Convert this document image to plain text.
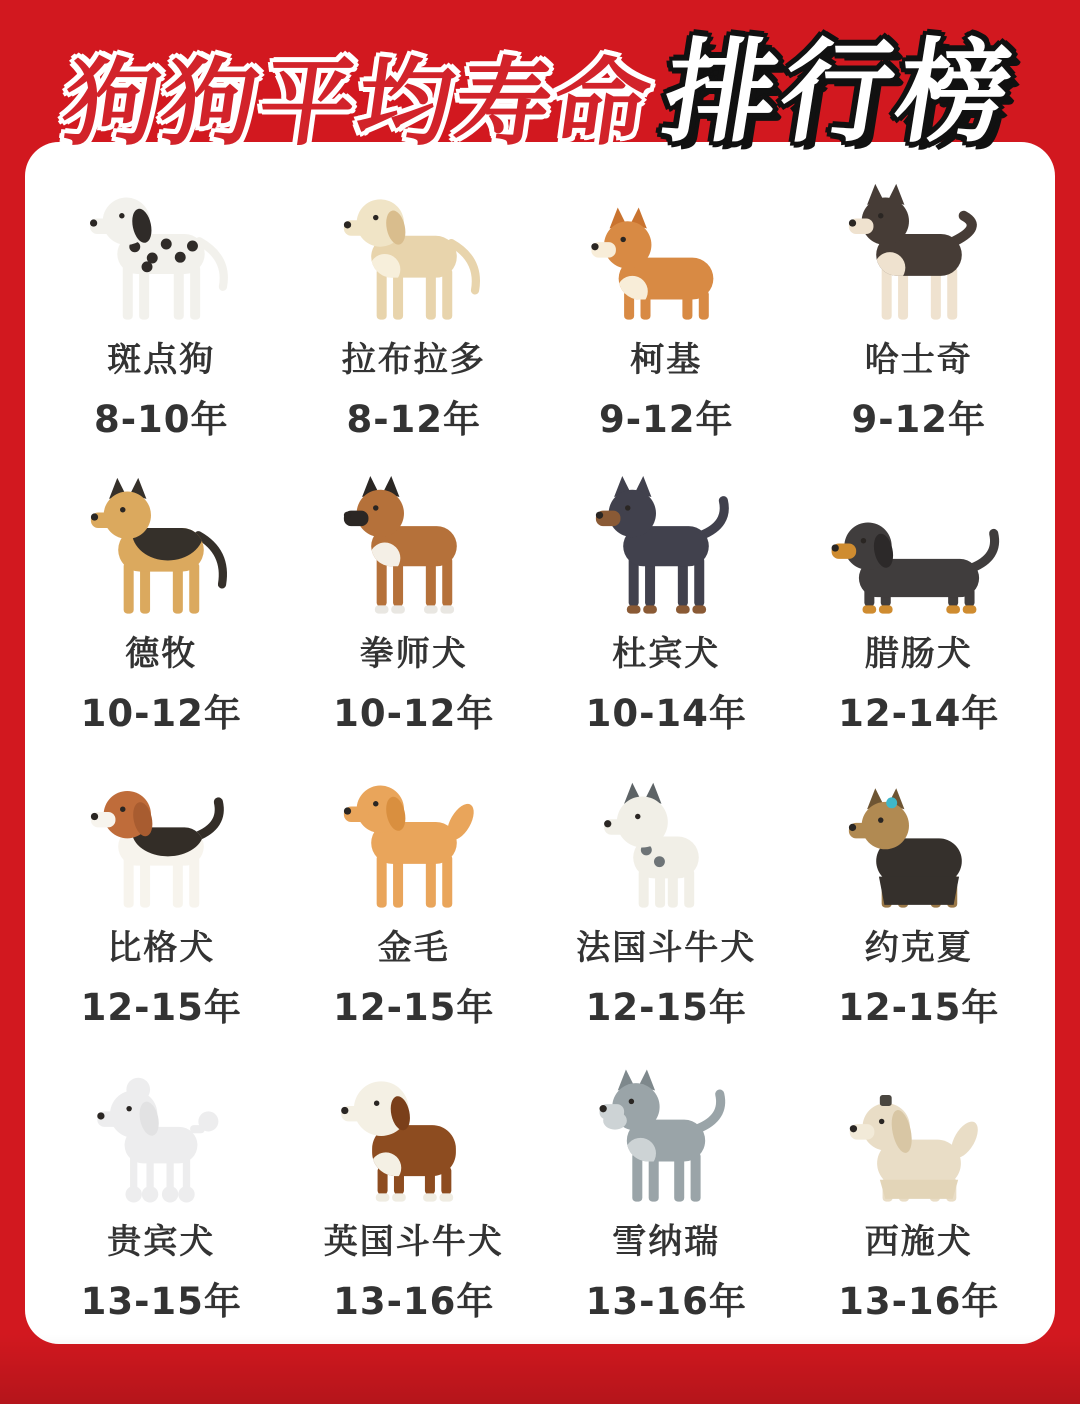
斑点狗
8-10年
拉布拉多
8-12年
柯基
9-12年
哈士奇
9-12年
德牧
10-12年
拳师犬
10-12年
杜宾犬
10-14年
腊肠犬
12-14年
比格犬
12-15年
金毛
12-15年
法国斗牛犬
12-15年
约克夏
12-15年
贵宾犬
13-15年
英国斗牛犬
13-16年
雪纳瑞
13-16年
西施犬
13-16年
狗狗平均寿命
排行榜
